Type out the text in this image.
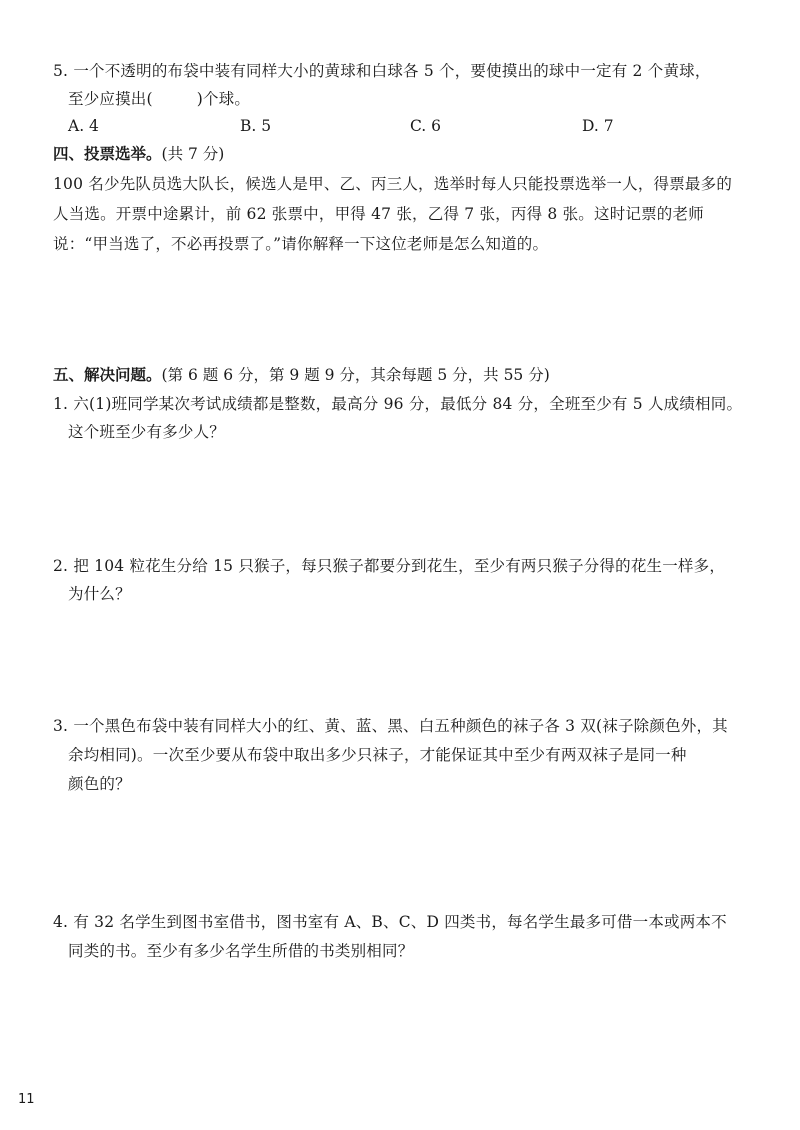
5. 一个不透明的布袋中装有同样大小的黄球和白球各 5 个，要使摸出的球中一定有 2 个黄球，
至少应摸出(	)个球。
A. 4	B. 5	C. 6	D. 7
四、投票选举。(共 7 分)
100 名少先队员选大队长，候选人是甲、乙、丙三人，选举时每人只能投票选举一人，得票最多的
人当选。开票中途累计，前 62 张票中，甲得 47 张，乙得 7 张，丙得 8 张。这时记票的老师
说：“甲当选了，不必再投票了。”请你解释一下这位老师是怎么知道的。
五、解决问题。(第 6 题 6 分，第 9 题 9 分，其余每题 5 分，共 55 分)
1. 六(1)班同学某次考试成绩都是整数，最高分 96 分，最低分 84 分，全班至少有 5 人成绩相同。
这个班至少有多少人？
2. 把 104 粒花生分给 15 只猴子，每只猴子都要分到花生，至少有两只猴子分得的花生一样多，
为什么？
3. 一个黑色布袋中装有同样大小的红、黄、蓝、黑、白五种颜色的袜子各 3 双(袜子除颜色外，其
余均相同)。一次至少要从布袋中取出多少只袜子，才能保证其中至少有两双袜子是同一种
颜色的？
4. 有 32 名学生到图书室借书，图书室有 A、B、C、D 四类书，每名学生最多可借一本或两本不
同类的书。至少有多少名学生所借的书类别相同？
11
